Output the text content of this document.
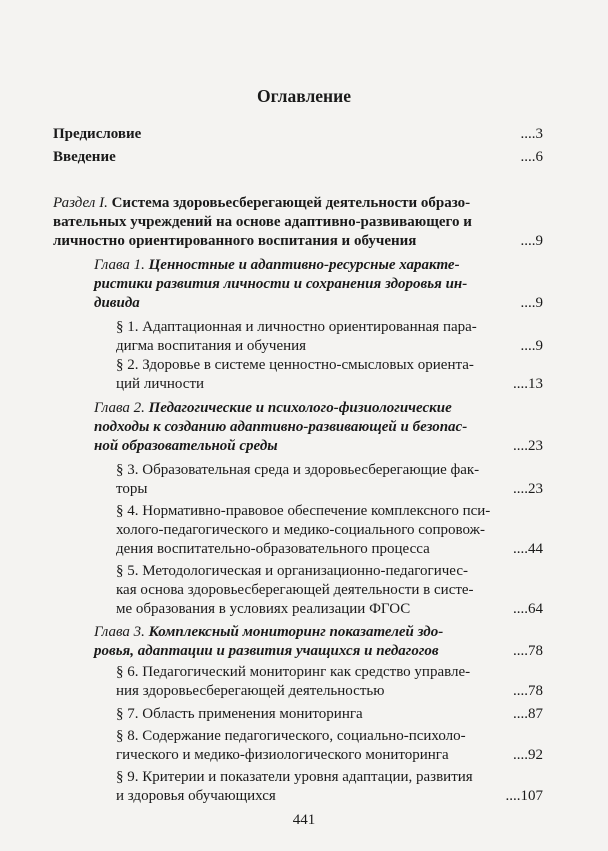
Оглавление
Предисловие	....3
Введение	....6
Раздел I. Система здоровьесберегающей деятельности образо-
вательных учреждений на основе адаптивно-развивающего и
личностно ориентированного воспитания и обучения	....9
Глава 1. Ценностные и адаптивно-ресурсные характе-
ристики развития личности и сохранения здоровья ин-
дивида	....9
§ 1. Адаптационная и личностно ориентированная пара-
дигма воспитания и обучения	....9
§ 2. Здоровье в системе ценностно-смысловых ориента-
ций личности	....13
Глава 2. Педагогические и психолого-физиологические
подходы к созданию адаптивно-развивающей и безопас-
ной образовательной среды	....23
§ 3. Образовательная среда и здоровьесберегающие фак-
торы	....23
§ 4. Нормативно-правовое обеспечение комплексного пси-
холого-педагогического и медико-социального сопровож-
дения воспитательно-образовательного процесса	....44
§ 5. Методологическая и организационно-педагогичес-
кая основа здоровьесберегающей деятельности в систе-
ме образования в условиях реализации ФГОС	....64
Глава 3. Комплексный мониторинг показателей здо-
ровья, адаптации и развития учащихся и педагогов	....78
§ 6. Педагогический мониторинг как средство управле-
ния здоровьесберегающей деятельностью	....78
§ 7. Область применения мониторинга	....87
§ 8. Содержание педагогического, социально-психоло-
гического и медико-физиологического мониторинга	....92
§ 9. Критерии и показатели уровня адаптации, развития
и здоровья обучающихся	....107
441
